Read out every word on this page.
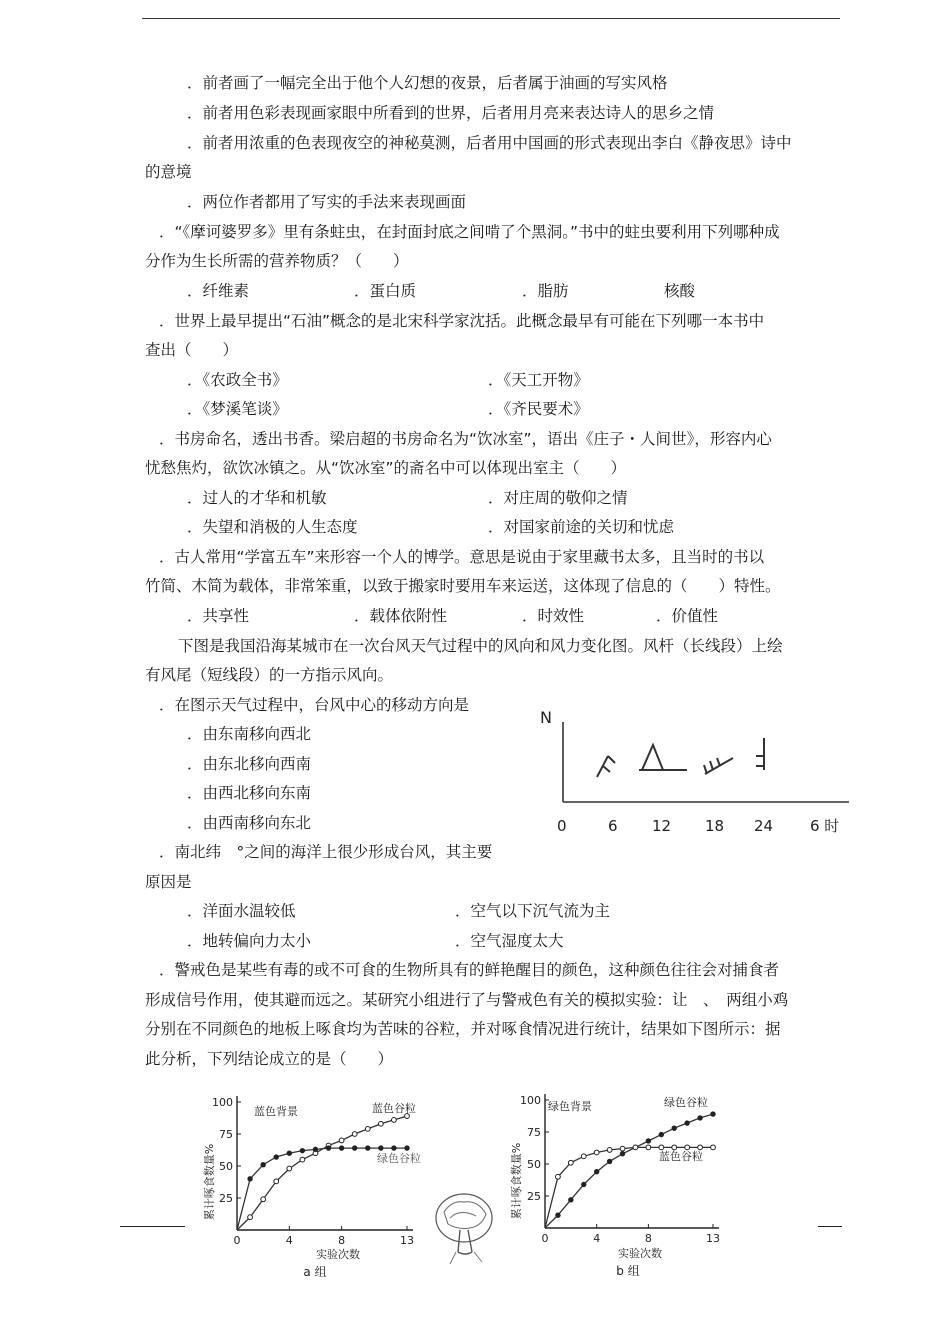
．前者画了一幅完全出于他个人幻想的夜景，后者属于油画的写实风格
．前者用色彩表现画家眼中所看到的世界，后者用月亮来表达诗人的思乡之情
．前者用浓重的色表现夜空的神秘莫测，后者用中国画的形式表现出李白《静夜思》诗中
的意境
．两位作者都用了写实的手法来表现画面
．“《摩诃婆罗多》里有条蛀虫，在封面封底之间啃了个黑洞。”书中的蛀虫要利用下列哪种成
分作为生长所需的营养物质？（　　）
．纤维素	．蛋白质	．脂肪	核酸
．世界上最早提出“石油”概念的是北宋科学家沈括。此概念最早有可能在下列哪一本书中
查出（　　）
．《农政全书》	．《天工开物》
．《梦溪笔谈》	．《齐民要术》
．书房命名，透出书香。梁启超的书房命名为“饮冰室”，语出《庄子・人间世》，形容内心
忧愁焦灼，欲饮冰镇之。从“饮冰室”的斋名中可以体现出室主（　　）
．过人的才华和机敏	．对庄周的敬仰之情
．失望和消极的人生态度	．对国家前途的关切和忧虑
．古人常用“学富五车”来形容一个人的博学。意思是说由于家里藏书太多，且当时的书以
竹简、木简为载体，非常笨重，以致于搬家时要用车来运送，这体现了信息的（　　）特性。
．共享性	．载体依附性	．时效性	．价值性
下图是我国沿海某城市在一次台风天气过程中的风向和风力变化图。风杆（长线段）上绘
有风尾（短线段）的一方指示风向。
．在图示天气过程中，台风中心的移动方向是
．由东南移向西北
．由东北移向西南
．由西北移向东南
．由西南移向东北
N
0	6 12 18 24 6 时
．南北纬　°之间的海洋上很少形成台风，其主要
原因是
．洋面水温较低	．空气以下沉气流为主
．地转偏向力太小	．空气湿度太大
．警戒色是某些有毒的或不可食的生物所具有的鲜艳醒目的颜色，这种颜色往往会对捕食者
形成信号作用，使其避而远之。某研究小组进行了与警戒色有关的模拟实验：让　、　两组小鸡
分别在不同颜色的地板上啄食均为苦味的谷粒，并对啄食情况进行统计，结果如下图所示：据
此分析，下列结论成立的是（　　）
累计啄食数量% 25
50
75
100
0	4	8	13
蓝色背景	蓝色谷粒
绿色谷粒
实验次数
a 组
累计啄食数量% 25
50
75
100
0	4	8	13
绿色背景	绿色谷粒
蓝色谷粒
实验次数
b 组
